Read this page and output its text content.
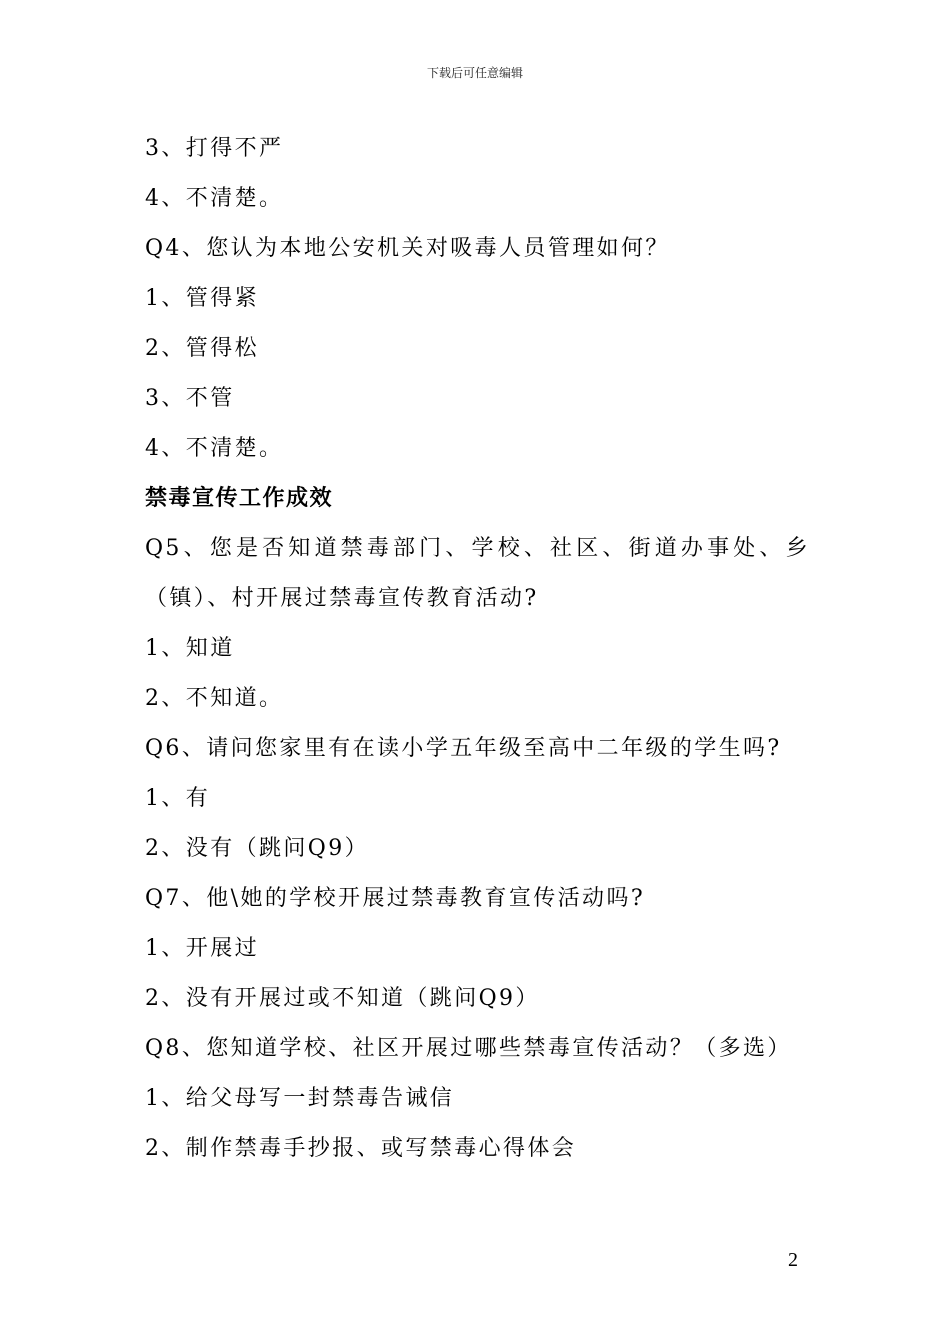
下载后可任意编辑
3、打得不严
4、不清楚。
Q4、您认为本地公安机关对吸毒人员管理如何？
1、管得紧
2、管得松
3、不管
4、不清楚。
禁毒宣传工作成效
Q5、您是否知道禁毒部门、学校、社区、街道办事处、乡（镇）、村开展过禁毒宣传教育活动?
1、知道
2、不知道。
Q6、请问您家里有在读小学五年级至高中二年级的学生吗?
1、有
2、没有（跳问Q9）
Q7、他\她的学校开展过禁毒教育宣传活动吗?
1、开展过
2、没有开展过或不知道（跳问Q9）
Q8、您知道学校、社区开展过哪些禁毒宣传活动？（多选）
1、给父母写一封禁毒告诫信
2、制作禁毒手抄报、或写禁毒心得体会
2
